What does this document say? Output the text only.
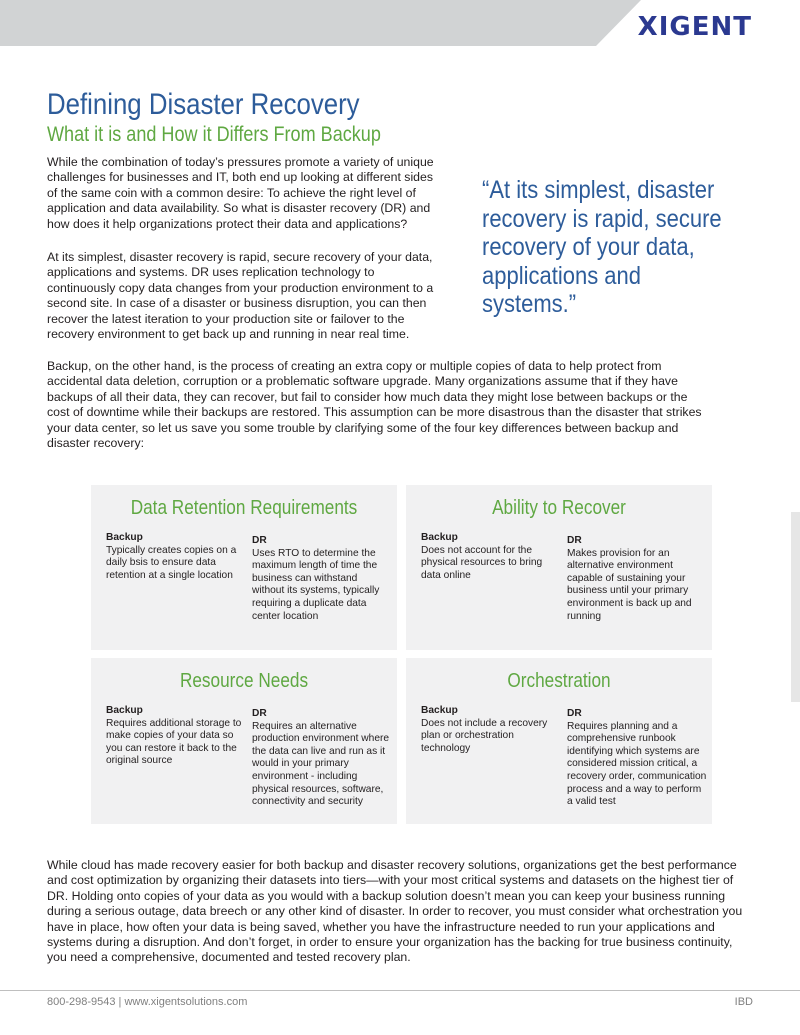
XIGENT
Defining Disaster Recovery
What it is and How it Differs From Backup

While the combination of today’s pressures promote a variety of unique challenges for businesses and IT, both end up looking at different sides of the same coin with a common desire: To achieve the right level of application and data availability. So what is disaster recovery (DR) and how does it help organizations protect their data and applications?

At its simplest, disaster recovery is rapid, secure recovery of your data, applications and systems. DR uses replication technology to continuously copy data changes from your production environment to a second site. In case of a disaster or business disruption, you can then recover the latest iteration to your production site or failover to the recovery environment to get back up and running in near real time.

“At its simplest, disaster recovery is rapid, secure recovery of your data, applications and systems.”

Backup, on the other hand, is the process of creating an extra copy or multiple copies of data to help protect from accidental data deletion, corruption or a problematic software upgrade. Many organizations assume that if they have backups of all their data, they can recover, but fail to consider how much data they might lose between backups or the cost of downtime while their backups are restored. This assumption can be more disastrous than the disaster that strikes your data center, so let us save you some trouble by clarifying some of the four key differences between backup and disaster recovery:

Data Retention Requirements
Backup
Typically creates copies on a daily bsis to ensure data retention at a single location
DR
Uses RTO to determine the maximum length of time the business can withstand without its systems, typically requiring a duplicate data center location
Ability to Recover
Backup
Does not account for the physical resources to bring data online
DR
Makes provision for an alternative environment capable of sustaining your business until your primary environment is back up and running
Resource Needs
Backup
Requires additional storage to make copies of your data so you can restore it back to the original source
DR
Requires an alternative production environment where the data can live and run as it would in your primary environment - including physical resources, software, connectivity and security
Orchestration
Backup
Does not include a recovery plan or orchestration technology
DR
Requires planning and a comprehensive runbook identifying which systems are considered mission critical, a recovery order, communication process and a way to perform a valid test

While cloud has made recovery easier for both backup and disaster recovery solutions, organizations get the best performance and cost optimization by organizing their datasets into tiers—with your most critical systems and datasets on the highest tier of DR. Holding onto copies of your data as you would with a backup solution doesn’t mean you can keep your business running during a serious outage, data breech or any other kind of disaster. In order to recover, you must consider what orchestration you have in place, how often your data is being saved, whether you have the infrastructure needed to run your applications and systems during a disruption. And don’t forget, in order to ensure your organization has the backing for true business continuity, you need a comprehensive, documented and tested recovery plan.

800-298-9543 | www.xigentsolutions.com	IBD
